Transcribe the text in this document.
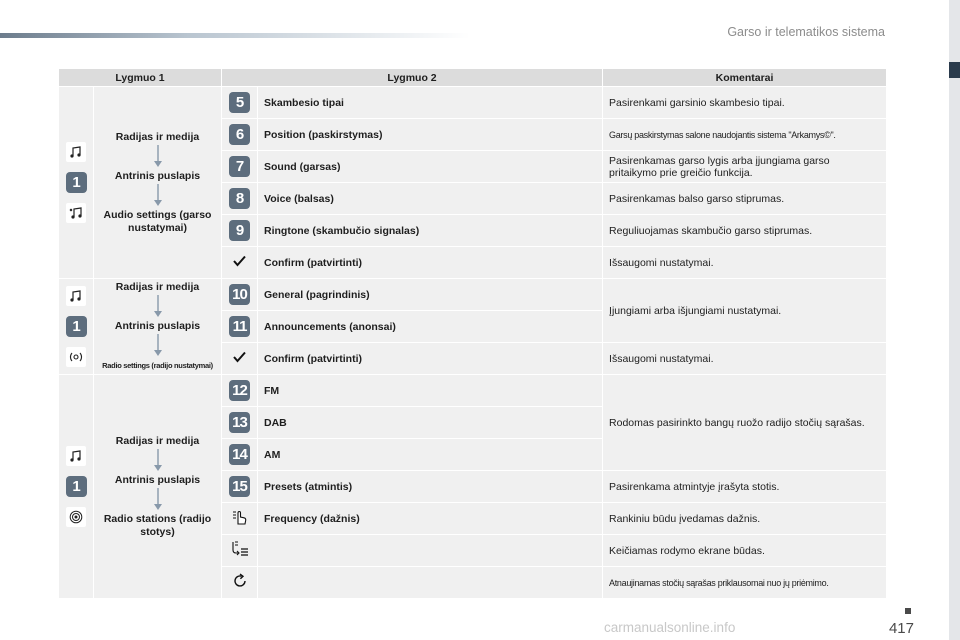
Garso ir telematikos sistema
417
Lygmuo 1		Lygmuo 2		Komentarai

1	Radijas ir medija
Antrinis puslapis
Audio settings (garso nustatymai)	5	Skambesio tipai	Pasirenkami garsinio skambesio tipai.
		6	Position (paskirstymas)	Garsų paskirstymas salone naudojantis sistema "Arkamys©".
		7	Sound (garsas)	Pasirenkamas garso lygis arba įjungiama garso pritaikymo prie greičio funkcija.
		8	Voice (balsas)	Pasirenkamas balso garso stiprumas.
		9	Ringtone (skambučio signalas)	Reguliuojamas skambučio garso stiprumas.
	Confirm (patvirtinti)	Išsaugomi nustatymai.

1	Radijas ir medija
Antrinis puslapis
Radio settings (radijo nustatymai)	10	General (pagrindinis)	Įjungiami arba išjungiami nustatymai.
		11	Announcements (anonsai)	
	Confirm (patvirtinti)	Išsaugomi nustatymai.

1	Radijas ir medija
Antrinis puslapis
Radio stations (radijo stotys)	12	FM	Rodomas pasirinkto bangų ruožo radijo stočių sąrašas.
		13	DAB	
		14	AM	
		15	Presets (atmintis)	Pasirenkama atmintyje įrašyta stotis.
	Frequency (dažnis)	Rankiniu būdu įvedamas dažnis.
		Keičiamas rodymo ekrane būdas.
		Atnaujinamas stočių sąrašas priklausomai nuo jų priėmimo.
carmanualsonline.info
